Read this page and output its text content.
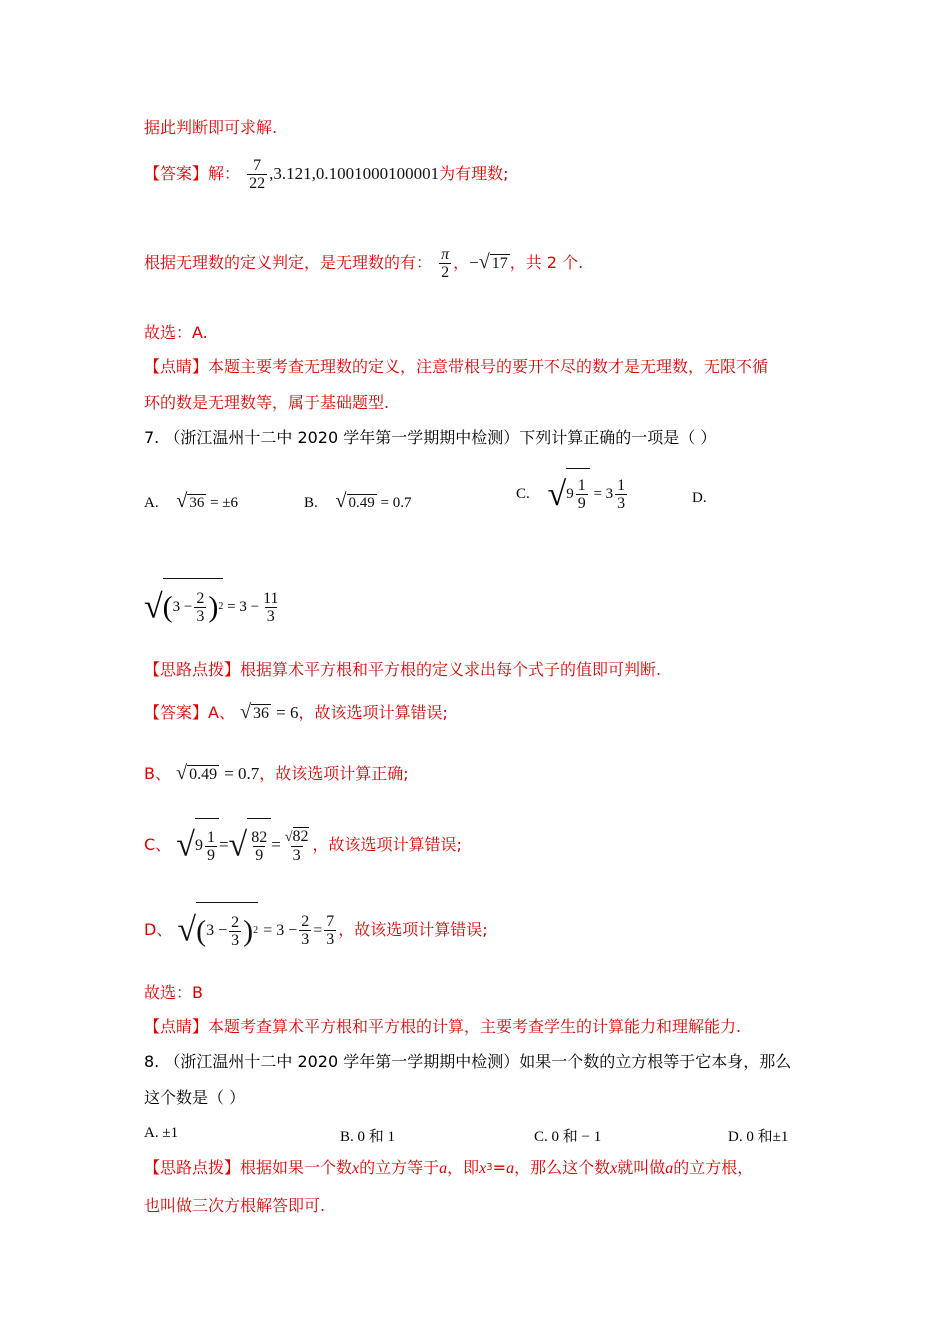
据此判断即可求解.
【答案】解： $\frac{7}{22} ,3.121,0.1001000100001$为有理数;
根据无理数的定义判定，是无理数的有： $\frac{\pi}{2}$ ，−√ 17 ，共 2 个.
故选：A.
【点睛】本题主要考查无理数的定义，注意带根号的要开不尽的数才是无理数，无限不循
环的数是无理数等，属于基础题型.
7. （浙江温州十二中 2020 学年第一学期期中检测）下列计算正确的一项是（ ）
A. √ 36 = ±6	B. √ 0.49 = 0.7
C. $√9 \frac{1}{9} = 3 \frac{1}{3}$	D.
$√(3 - \frac{2}{3} )^2 = 3 - \frac{11}{3}$
【思路点拨】根据算术平方根和平方根的定义求出每个式子的值即可判断.
【答案】A、 √ 36 = 6，故该选项计算错误;
B、 √ 0.49 = 0.7，故该选项计算正确;
C、 $√9 \frac{1}{9}$ =√ $\frac{82}{9} = \frac{√82}{3}$ ，故该选项计算错误;
D、 $√(3 - \frac{2}{3} )^2 = 3 - \frac{2}{3} = \frac{7}{3}$ ，故该选项计算错误;
故选：B
【点睛】本题考查算术平方根和平方根的计算，主要考查学生的计算能力和理解能力.
8. （浙江温州十二中 2020 学年第一学期期中检测）如果一个数的立方根等于它本身，那么
这个数是（ ）
A. ±1	B. 0 和 1	C. 0 和 − 1	D. 0 和±1
【思路点拨】根据如果一个数x的立方等于a，即$x^3=a$，那么这个数x就叫做a的立方根，
也叫做三次方根解答即可.
